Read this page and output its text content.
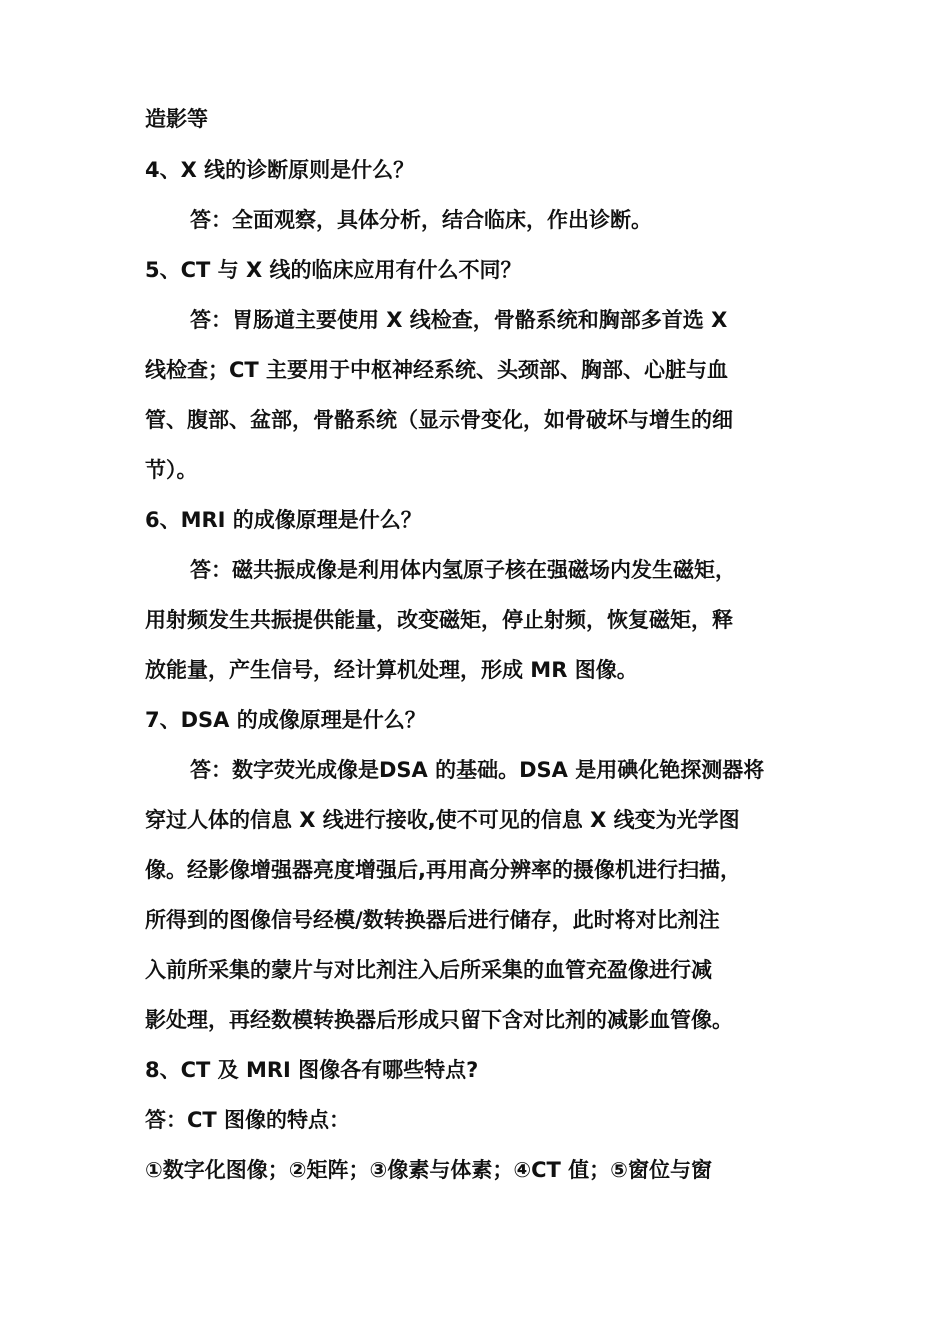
造影等
4、X 线的诊断原则是什么？
答：全面观察，具体分析，结合临床，作出诊断。
5、CT 与 X 线的临床应用有什么不同？
答：胃肠道主要使用 X 线检查，骨骼系统和胸部多首选 X
线检查；CT 主要用于中枢神经系统、头颈部、胸部、心脏与血
管、腹部、盆部，骨骼系统（显示骨变化，如骨破坏与增生的细
节）。
6、MRI 的成像原理是什么？
答：磁共振成像是利用体内氢原子核在强磁场内发生磁矩，
用射频发生共振提供能量，改变磁矩，停止射频，恢复磁矩，释
放能量，产生信号，经计算机处理，形成 MR 图像。
7、DSA 的成像原理是什么？
答：数字荧光成像是DSA 的基础。DSA 是用碘化铯探测器将
穿过人体的信息 X 线进行接收,使不可见的信息 X 线变为光学图
像。经影像增强器亮度增强后,再用高分辨率的摄像机进行扫描，
所得到的图像信号经模/数转换器后进行储存，此时将对比剂注
入前所采集的蒙片与对比剂注入后所采集的血管充盈像进行减
影处理，再经数模转换器后形成只留下含对比剂的减影血管像。
8、CT 及 MRI 图像各有哪些特点?
答：CT 图像的特点：
①数字化图像；②矩阵；③像素与体素；④CT 值；⑤窗位与窗
